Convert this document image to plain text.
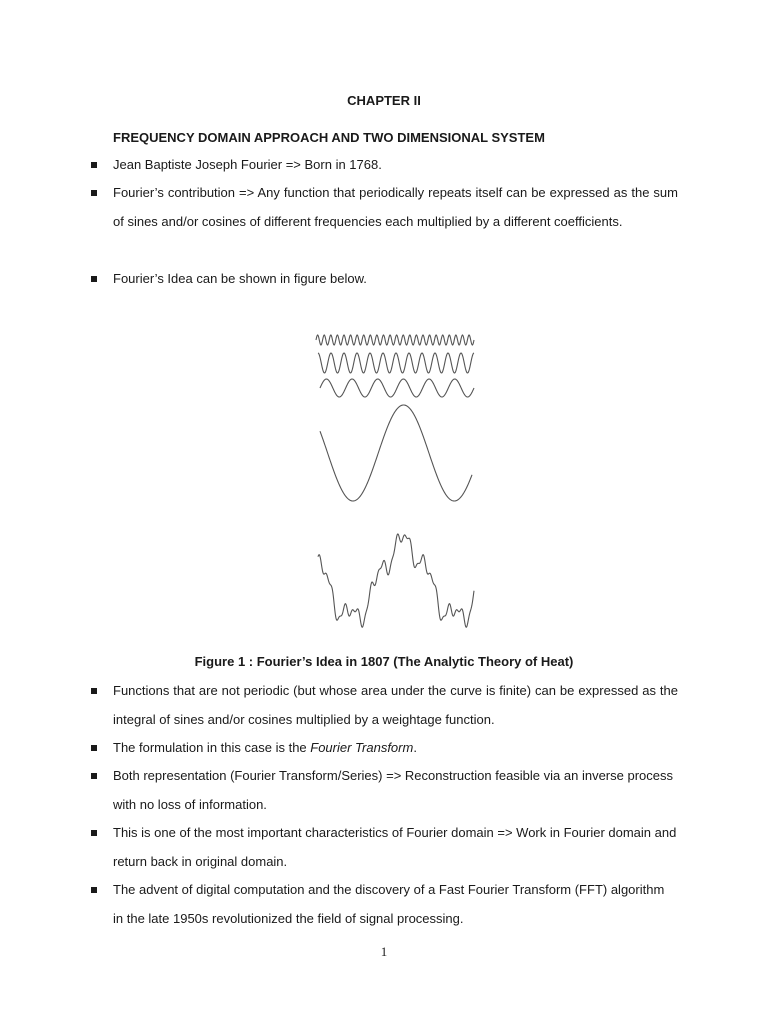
CHAPTER II
FREQUENCY DOMAIN APPROACH AND TWO DIMENSIONAL SYSTEM
Jean Baptiste Joseph Fourier => Born in 1768.
Fourier’s contribution => Any function that periodically repeats itself can be expressed as the sum of sines and/or cosines of different frequencies each multiplied by a different coefficients.
Fourier’s Idea can be shown in figure below.
Figure 1 : Fourier’s Idea in 1807 (The Analytic Theory of Heat)
Functions that are not periodic (but whose area under the curve is finite) can be expressed as the integral of sines and/or cosines multiplied by a weightage function.
The formulation in this case is the Fourier Transform.
Both representation (Fourier Transform/Series) => Reconstruction feasible via an inverse process with no loss of information.
This is one of the most important characteristics of Fourier domain => Work in Fourier domain and return back in original domain.
The advent of digital computation and the discovery of a Fast Fourier Transform (FFT) algorithm in the late 1950s revolutionized the field of signal processing.
1
